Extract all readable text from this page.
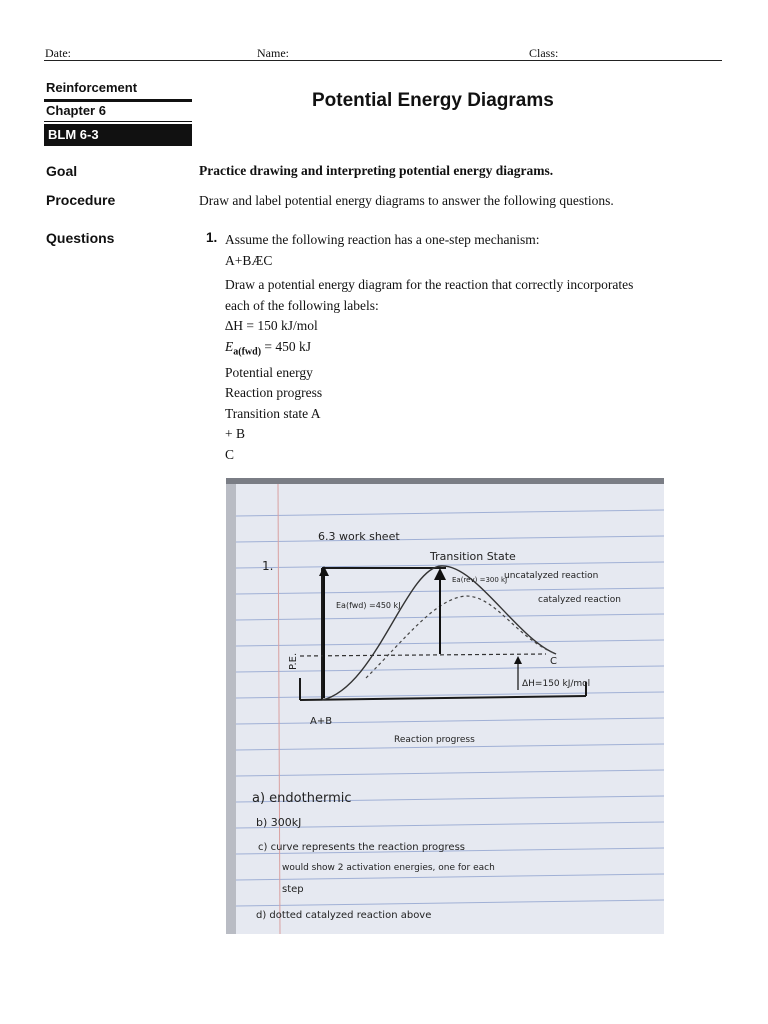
Date:	Name:	Class:
Reinforcement
Chapter 6
BLM 6-3
Potential Energy Diagrams
Goal	Practice drawing and interpreting potential energy diagrams.
Procedure	Draw and label potential energy diagrams to answer the following questions.
Questions	1. Assume the following reaction has a one-step mechanism:
A+BÆC
Draw a potential energy diagram for the reaction that correctly incorporates
each of the following labels:
∆H = 150 kJ/mol
$E_{a(fwd)} = 450$ kJ
Potential energy
Reaction progress
Transition state A
+ B
C
6.3 work sheet
1.
Transition State
Ea(fwd) =450 kJ
Ea(rev) =300 kJ
uncatalyzed reaction
catalyzed reaction
P.E.
A+B
C
ΔH=150 kJ/mol
Reaction progress
a) endothermic
b) 300kJ
c) curve represents the reaction progress
would show 2 activation energies, one for each
step
d) dotted catalyzed reaction above
